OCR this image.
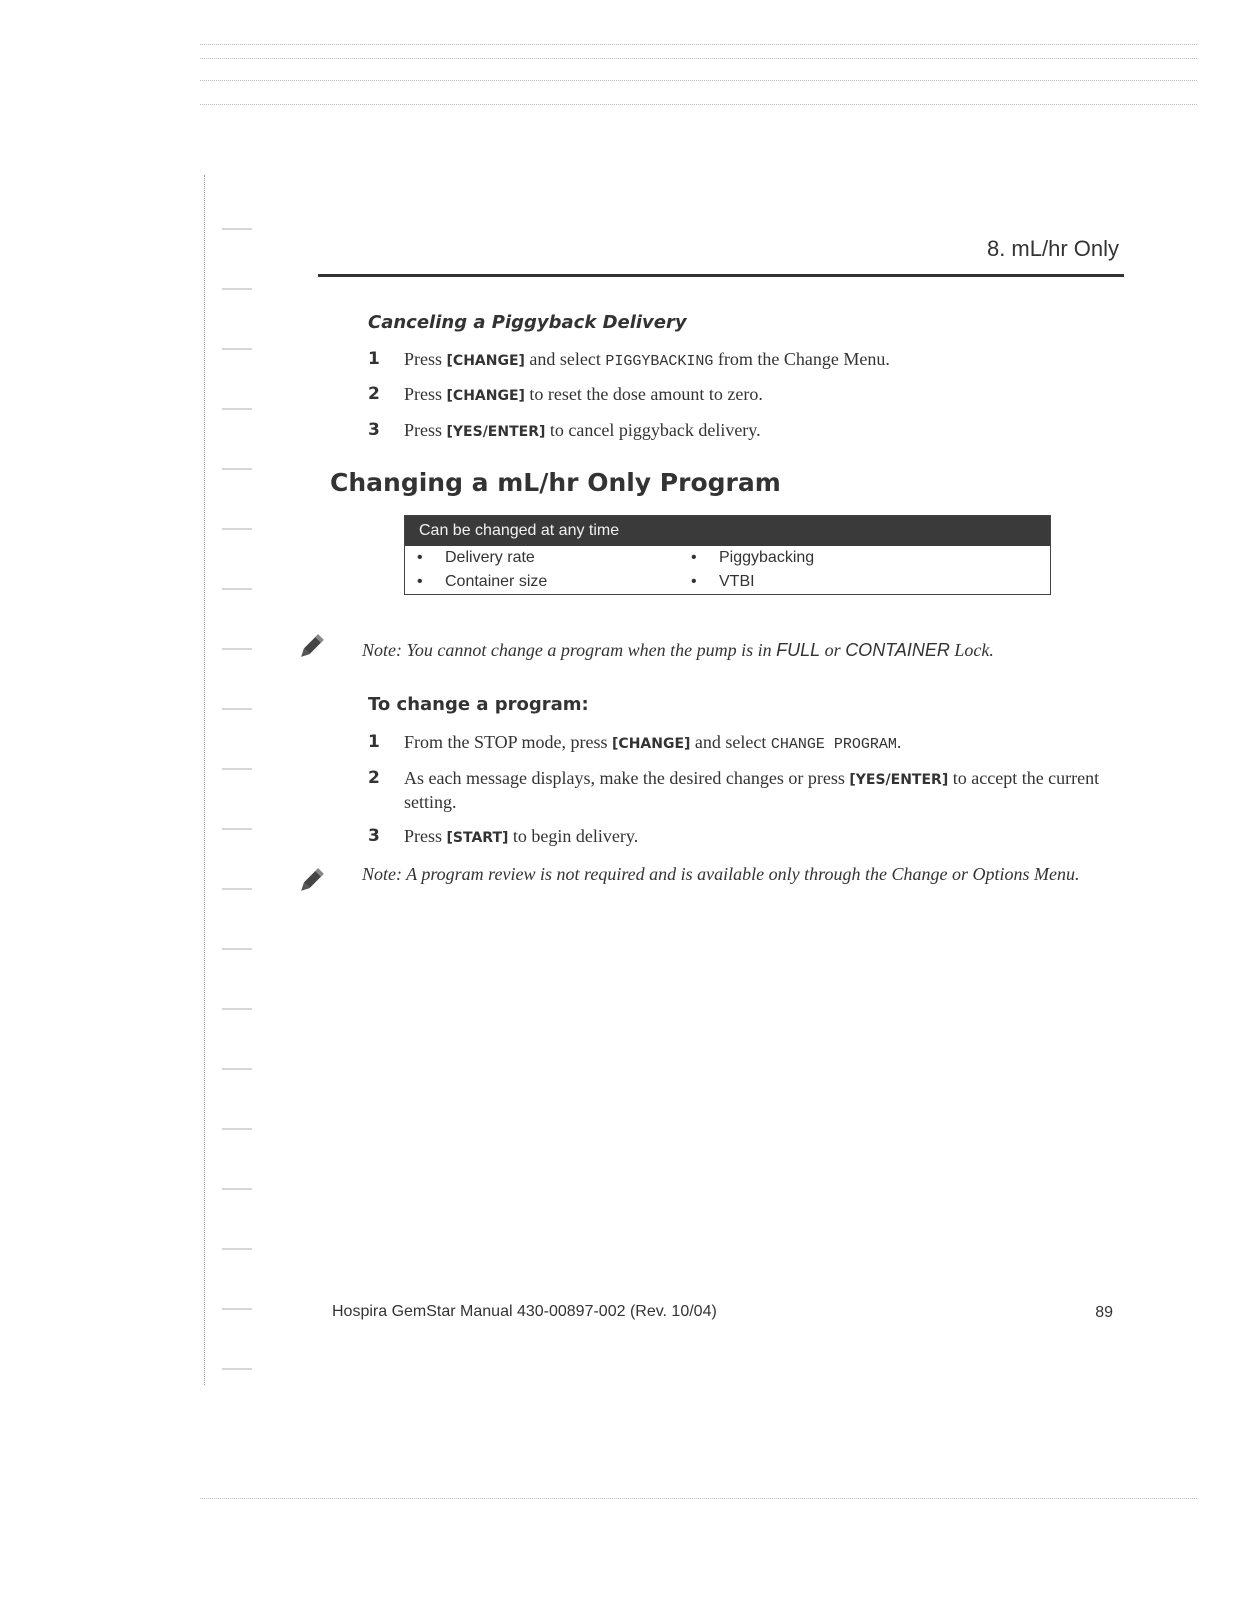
8. mL/hr Only
Canceling a Piggyback Delivery
1	Press [CHANGE] and select PIGGYBACKING from the Change Menu.
2	Press [CHANGE] to reset the dose amount to zero.
3	Press [YES/ENTER] to cancel piggyback delivery.
Changing a mL/hr Only Program
Can be changed at any time
• Delivery rate	• Piggybacking
• Container size	• VTBI
Note: You cannot change a program when the pump is in FULL or CONTAINER Lock.
To change a program:
1	From the STOP mode, press [CHANGE] and select CHANGE PROGRAM.
2	As each message displays, make the desired changes or press [YES/ENTER] to accept the current setting.
3	Press [START] to begin delivery.
Note: A program review is not required and is available only through the Change or Options Menu.
Hospira GemStar Manual 430-00897-002 (Rev. 10/04)	89
